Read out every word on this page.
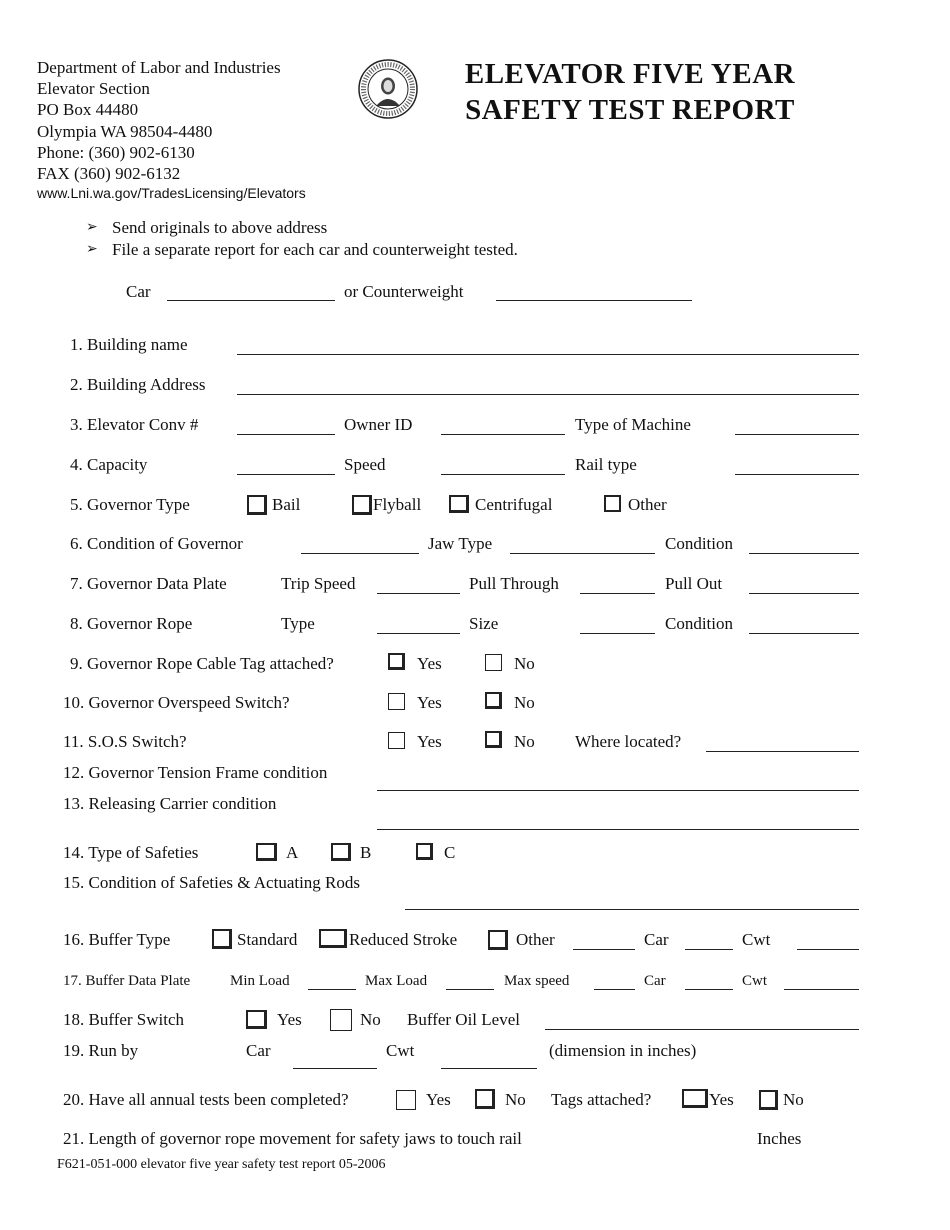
Department of Labor and Industries
Elevator Section
PO Box 44480
Olympia WA 98504-4480
Phone: (360) 902-6130
FAX (360) 902-6132
www.Lni.wa.gov/TradesLicensing/Elevators
ELEVATOR FIVE YEAR
SAFETY TEST REPORT
➢ Send originals to above address
➢ File a separate report for each car and counterweight tested.
Car	or Counterweight
1. Building name
2. Building Address
3. Elevator Conv #	Owner ID	Type of Machine
4. Capacity	Speed	Rail type
5. Governor Type	Bail	Flyball	Centrifugal	Other
6. Condition of Governor	Jaw Type	Condition
7. Governor Data Plate	Trip Speed	Pull Through	Pull Out
8. Governor Rope	Type	Size	Condition
9. Governor Rope Cable Tag attached?	Yes	No
10. Governor Overspeed Switch?	Yes	No
11. S.O.S Switch?	Yes	No Where located?
12. Governor Tension Frame condition
13. Releasing Carrier condition
14. Type of Safeties	A	B	C
15. Condition of Safeties & Actuating Rods
16. Buffer Type	Standard	Reduced Stroke	Other	Car	Cwt
17. Buffer Data Plate	Min Load	Max Load	Max speed	Car	Cwt
18. Buffer Switch	Yes	No Buffer Oil Level
19. Run by	Car	Cwt	(dimension in inches)
20. Have all annual tests been completed?	Yes	No Tags attached?	Yes	No
21. Length of governor rope movement for safety jaws to touch rail	Inches
F621-051-000 elevator five year safety test report 05-2006
